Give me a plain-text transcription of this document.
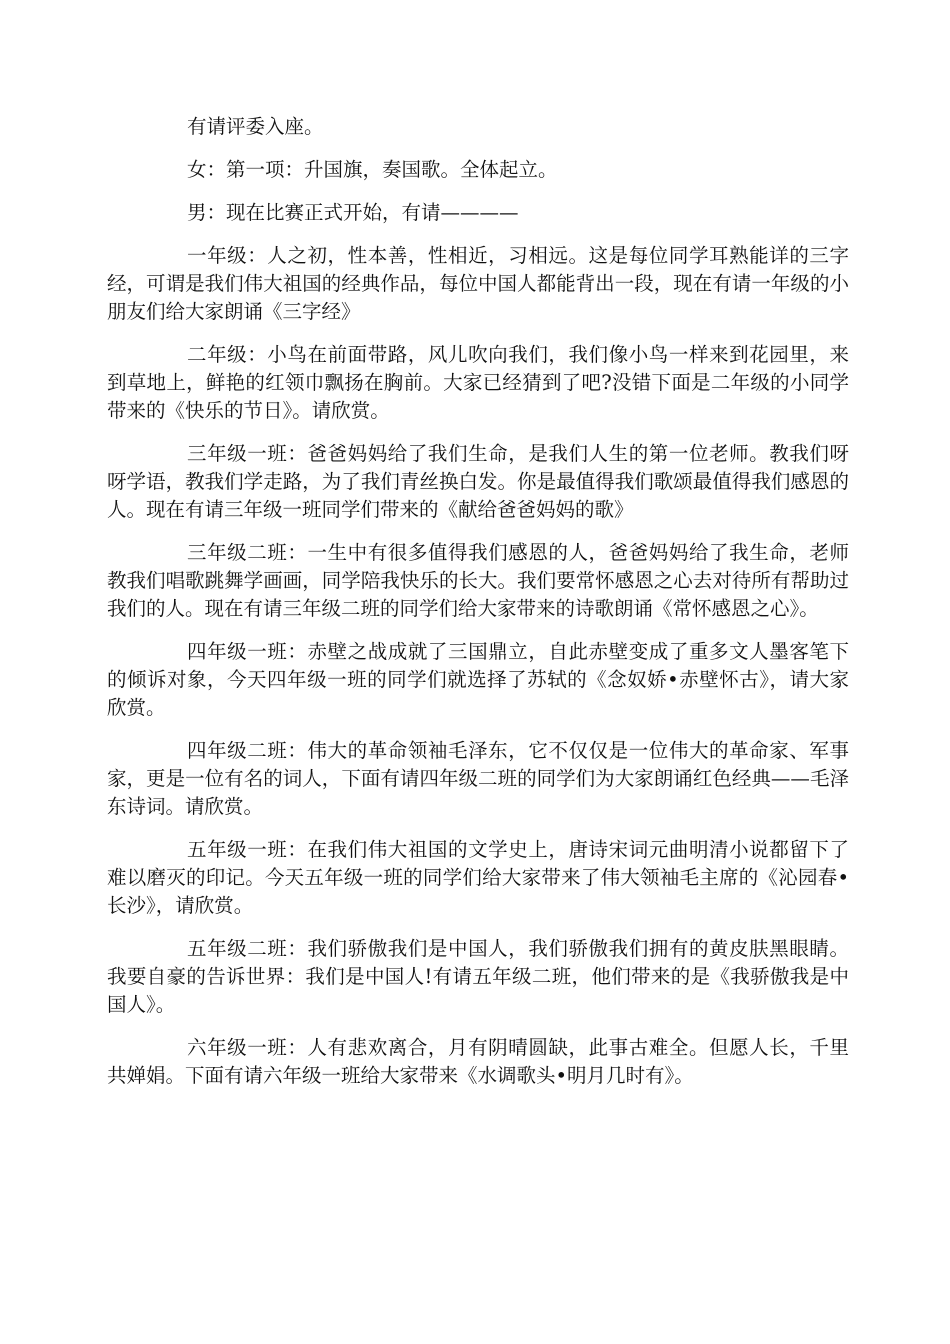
有请评委入座。

女：第一项：升国旗，奏国歌。全体起立。

男：现在比赛正式开始，有请————

一年级：人之初，性本善，性相近，习相远。这是每位同学耳熟能详的三字经，可谓是我们伟大祖国的经典作品，每位中国人都能背出一段，现在有请一年级的小朋友们给大家朗诵《三字经》

二年级：小鸟在前面带路，风儿吹向我们，我们像小鸟一样来到花园里，来到草地上，鲜艳的红领巾飘扬在胸前。大家已经猜到了吧?没错下面是二年级的小同学带来的《快乐的节日》。请欣赏。

三年级一班：爸爸妈妈给了我们生命，是我们人生的第一位老师。教我们呀呀学语，教我们学走路，为了我们青丝换白发。你是最值得我们歌颂最值得我们感恩的人。现在有请三年级一班同学们带来的《献给爸爸妈妈的歌》

三年级二班：一生中有很多值得我们感恩的人，爸爸妈妈给了我生命，老师教我们唱歌跳舞学画画，同学陪我快乐的长大。我们要常怀感恩之心去对待所有帮助过我们的人。现在有请三年级二班的同学们给大家带来的诗歌朗诵《常怀感恩之心》。

四年级一班：赤壁之战成就了三国鼎立，自此赤壁变成了重多文人墨客笔下的倾诉对象，今天四年级一班的同学们就选择了苏轼的《念奴娇•赤壁怀古》，请大家欣赏。

四年级二班：伟大的革命领袖毛泽东，它不仅仅是一位伟大的革命家、军事家，更是一位有名的词人，下面有请四年级二班的同学们为大家朗诵红色经典——毛泽东诗词。请欣赏。

五年级一班：在我们伟大祖国的文学史上，唐诗宋词元曲明清小说都留下了难以磨灭的印记。今天五年级一班的同学们给大家带来了伟大领袖毛主席的《沁园春•长沙》，请欣赏。

五年级二班：我们骄傲我们是中国人，我们骄傲我们拥有的黄皮肤黑眼睛。我要自豪的告诉世界：我们是中国人!有请五年级二班，他们带来的是《我骄傲我是中国人》。

六年级一班：人有悲欢离合，月有阴晴圆缺，此事古难全。但愿人长，千里共婵娟。下面有请六年级一班给大家带来《水调歌头•明月几时有》。
